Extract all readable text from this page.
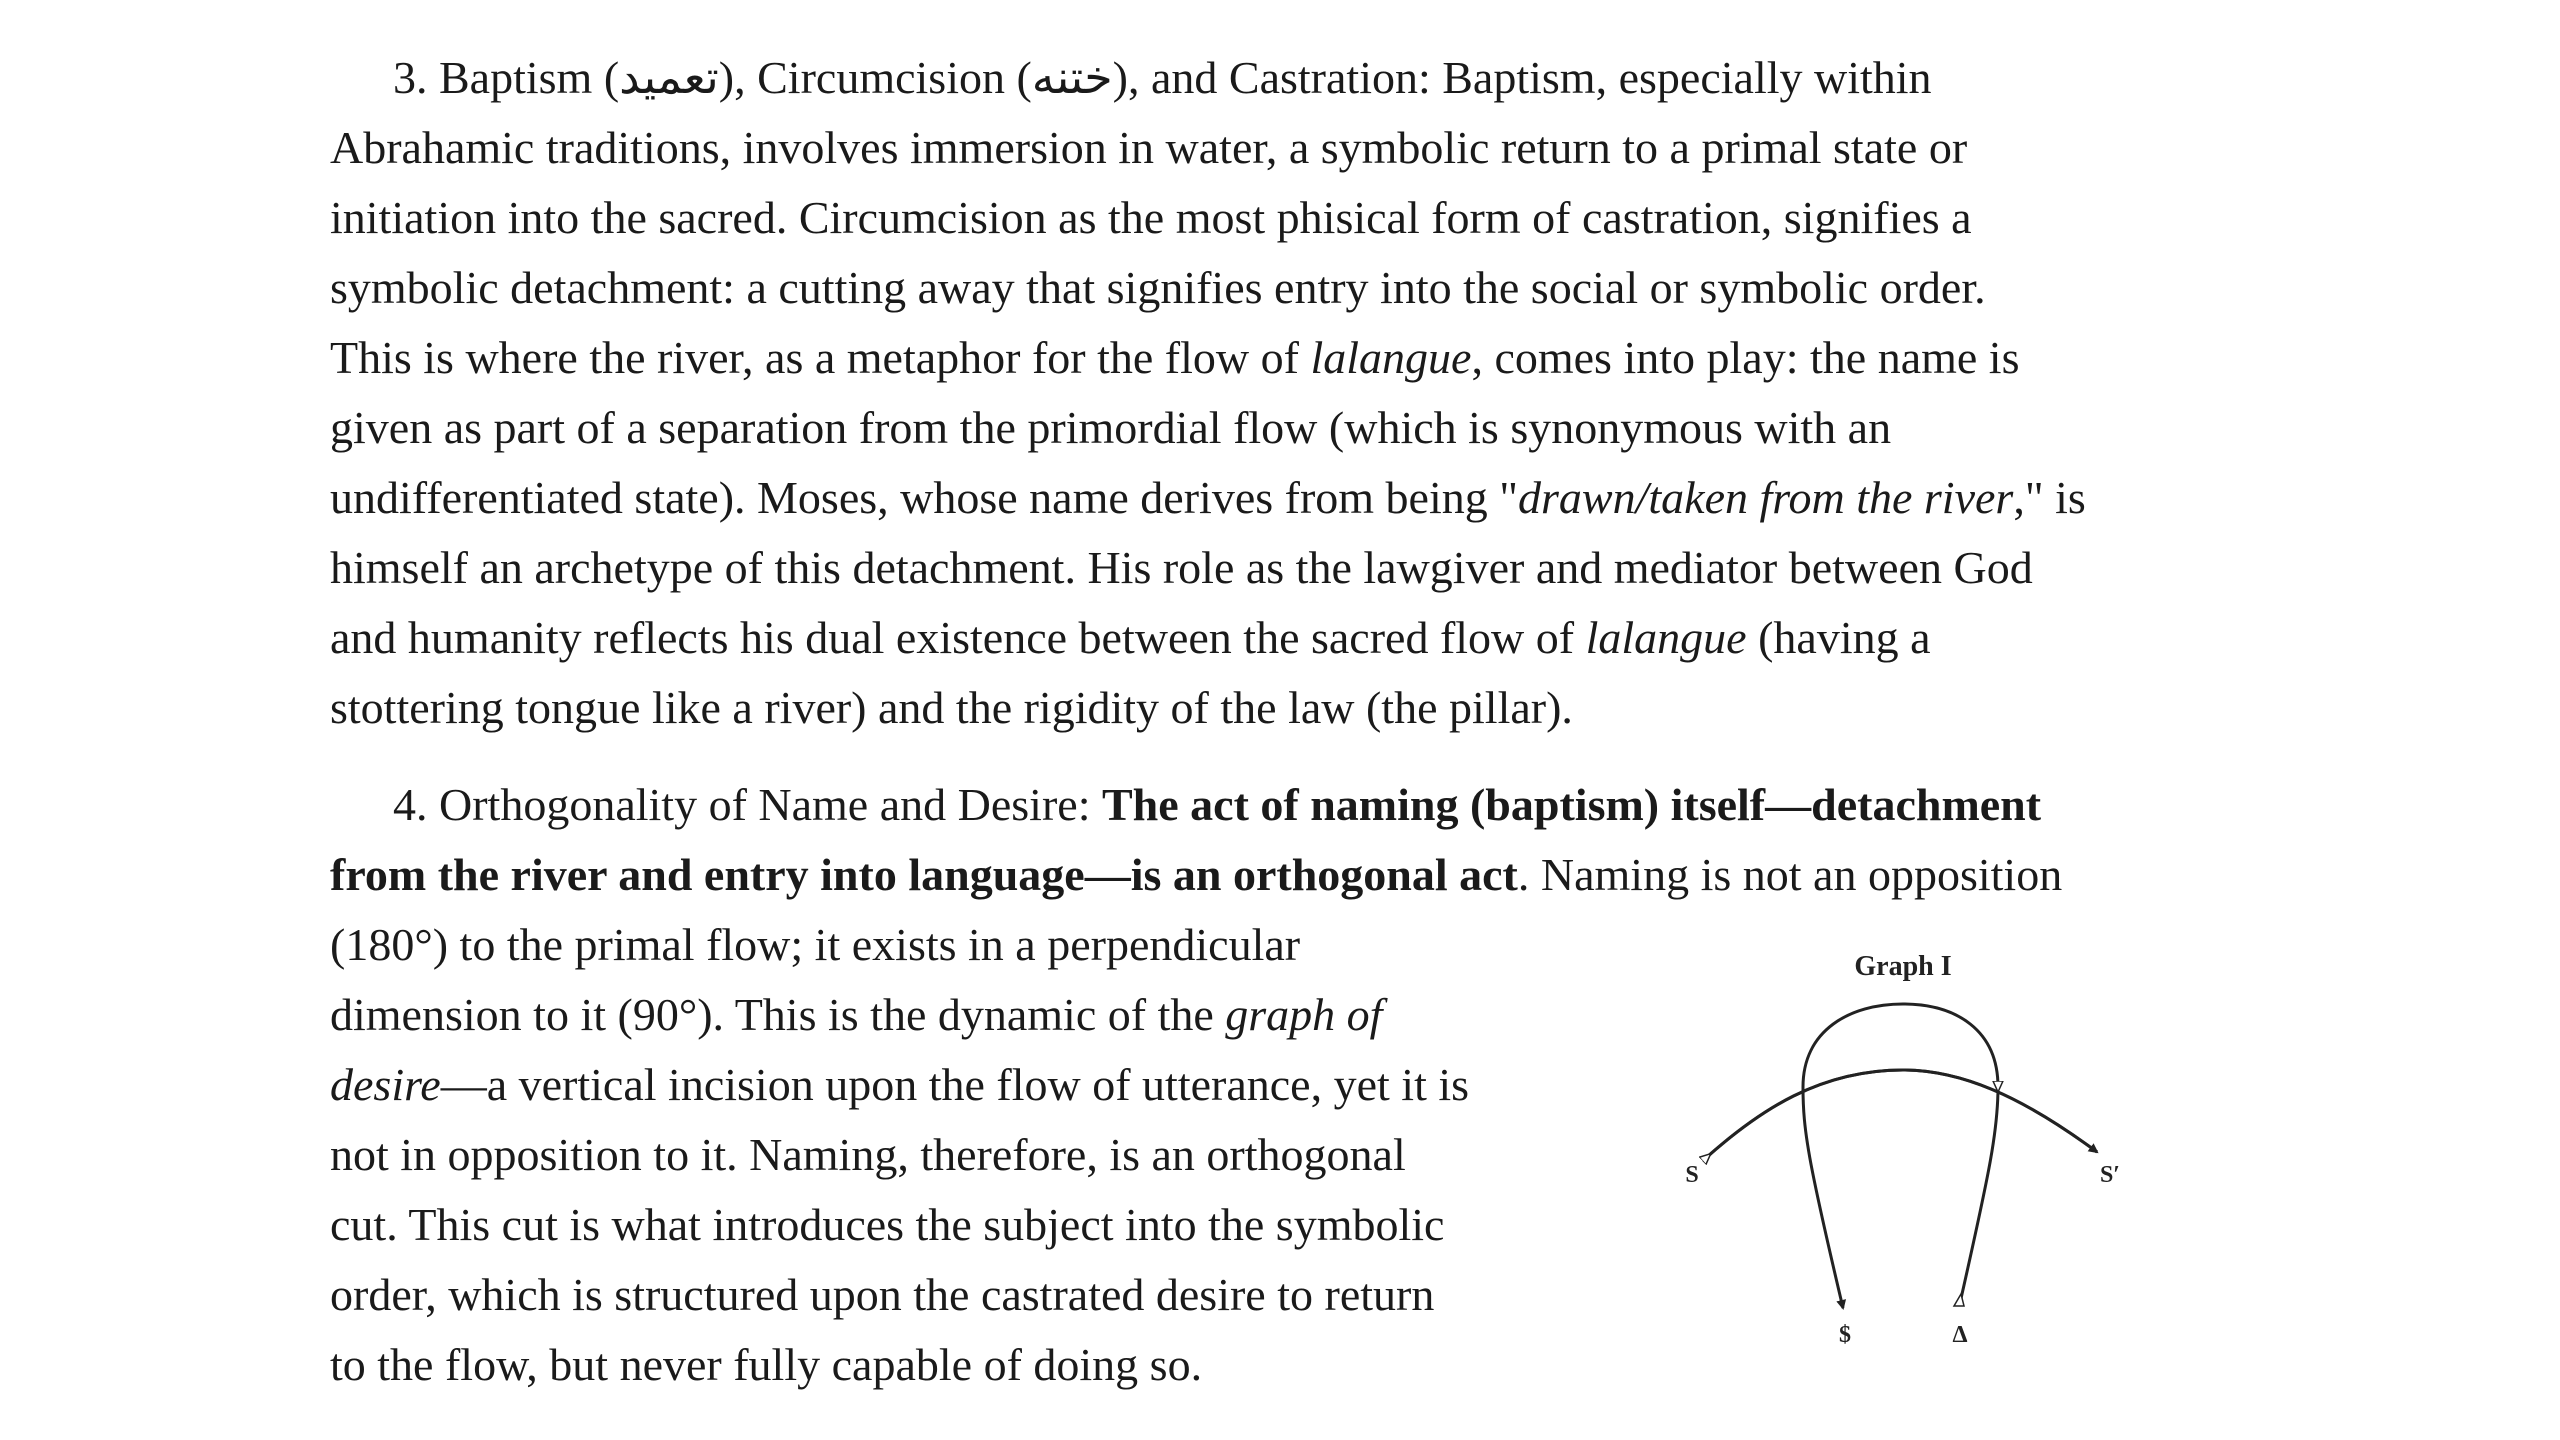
3. Baptism (تعميد), Circumcision (ختنه), and Castration: Baptism, especially within
Abrahamic traditions, involves immersion in water, a symbolic return to a primal state or
initiation into the sacred. Circumcision as the most phisical form of castration, signifies a
symbolic detachment: a cutting away that signifies entry into the social or symbolic order.
This is where the river, as a metaphor for the flow of lalangue, comes into play: the name is
given as part of a separation from the primordial flow (which is synonymous with an
undifferentiated state). Moses, whose name derives from being "drawn/taken from the river," is
himself an archetype of this detachment. His role as the lawgiver and mediator between God
and humanity reflects his dual existence between the sacred flow of lalangue (having a
stottering tongue like a river) and the rigidity of the law (the pillar).
4. Orthogonality of Name and Desire: The act of naming (baptism) itself—detachment
from the river and entry into language—is an orthogonal act. Naming is not an opposition
(180°) to the primal flow; it exists in a perpendicular
dimension to it (90°). This is the dynamic of the graph of
desire—a vertical incision upon the flow of utterance, yet it is
not in opposition to it. Naming, therefore, is an orthogonal
cut. This cut is what introduces the subject into the symbolic
order, which is structured upon the castrated desire to return
to the flow, but never fully capable of doing so.
Graph I
S	S′
$	Δ
